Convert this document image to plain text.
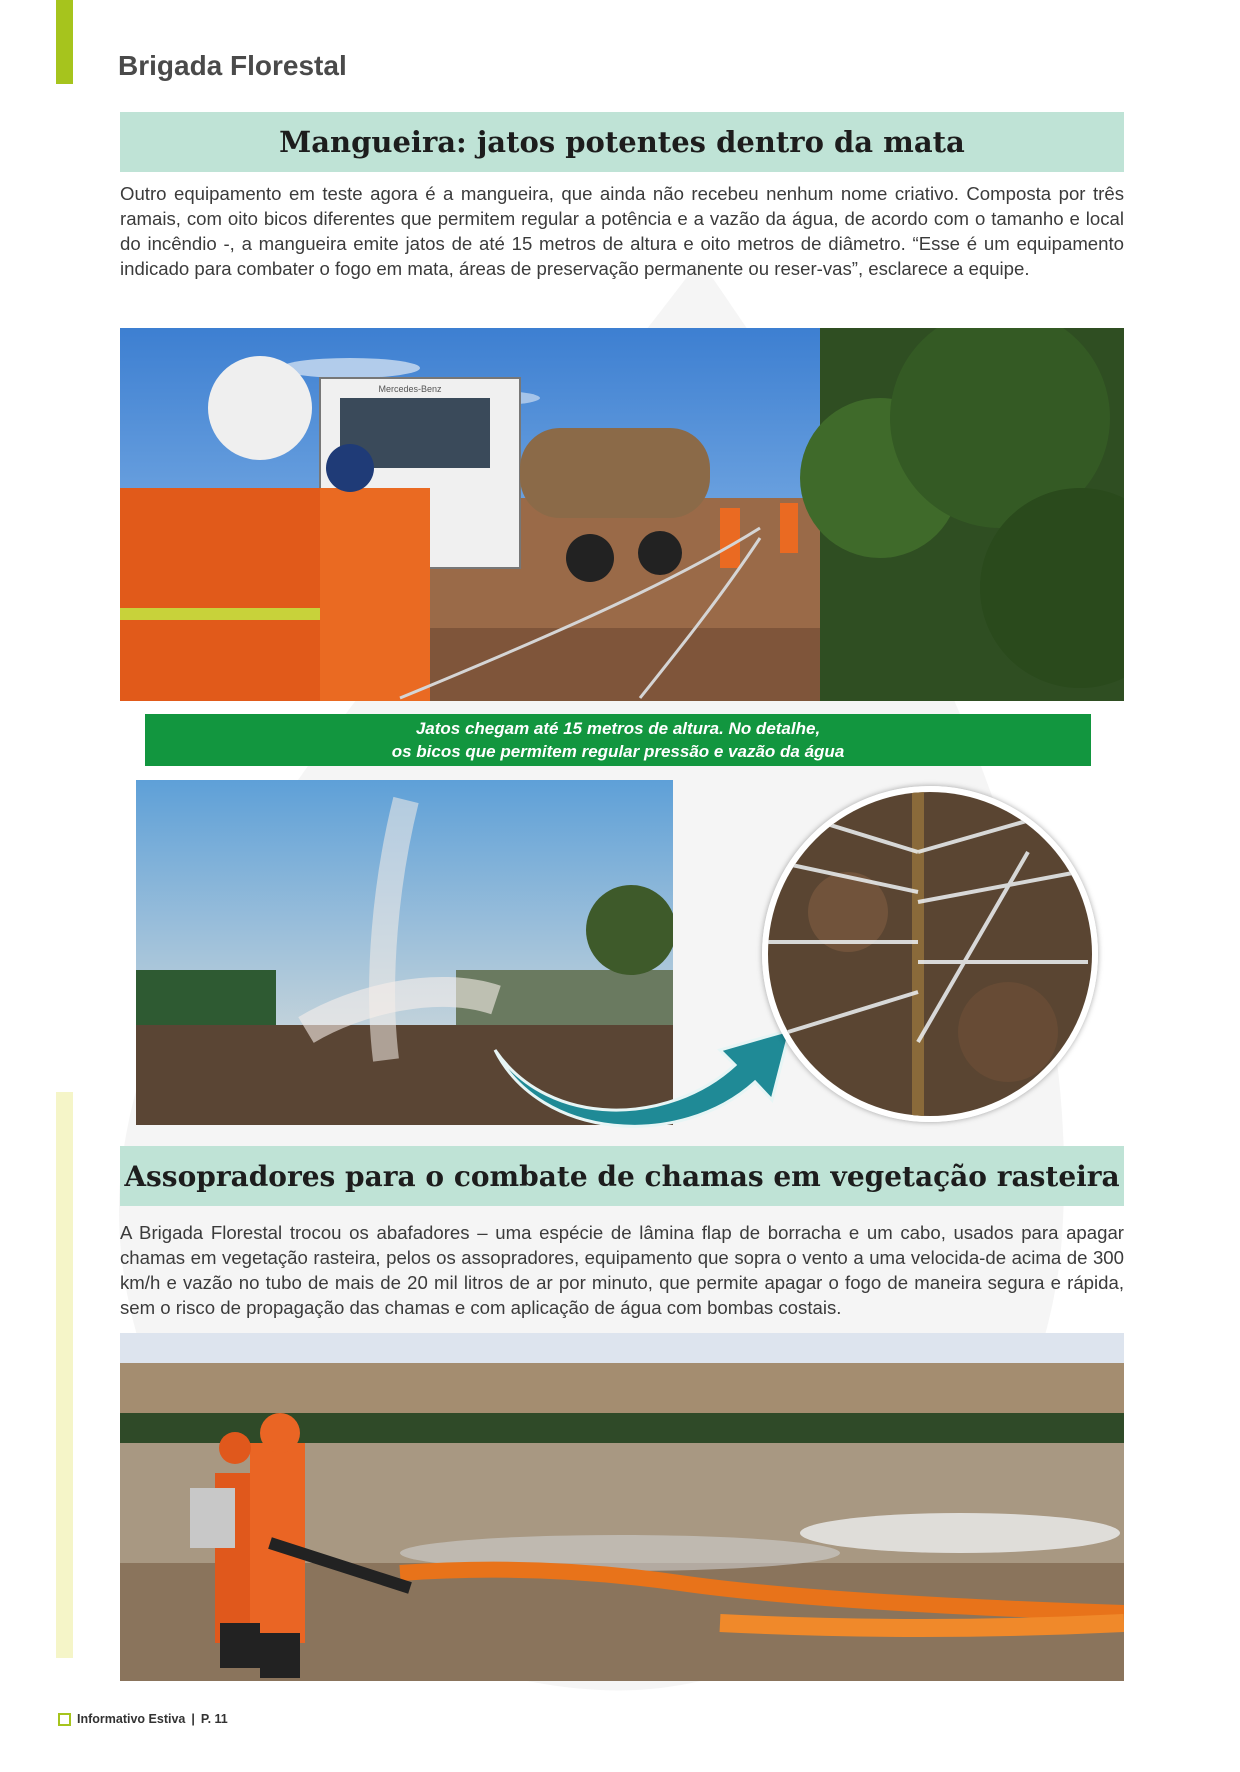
Brigada Florestal
Mangueira: jatos potentes dentro da mata
Outro equipamento em teste agora é a mangueira, que ainda não recebeu nenhum nome criativo. Composta por três ramais, com oito bicos diferentes que permitem regular a potência e a vazão da água, de acordo com o tamanho e local do incêndio -, a mangueira emite jatos de até 15 metros de altura e oito metros de diâmetro. “Esse é um equipamento indicado para combater o fogo em mata, áreas de preservação permanente ou reser-vas”, esclarece a equipe.
Mercedes-Benz
Jatos chegam até 15 metros de altura. No detalhe,
os bicos que permitem regular pressão e vazão da água
Assopradores para o combate de chamas em vegetação rasteira
A Brigada Florestal trocou os abafadores – uma espécie de lâmina flap de borracha e um cabo, usados para apagar chamas em vegetação rasteira, pelos os assopradores, equipamento que sopra o vento a uma velocida-de acima de 300 km/h e vazão no tubo de mais de 20 mil litros de ar por minuto, que permite apagar o fogo de maneira segura e rápida, sem o risco de propagação das chamas e com aplicação de água com bombas costais.
Informativo Estiva | P. 11
